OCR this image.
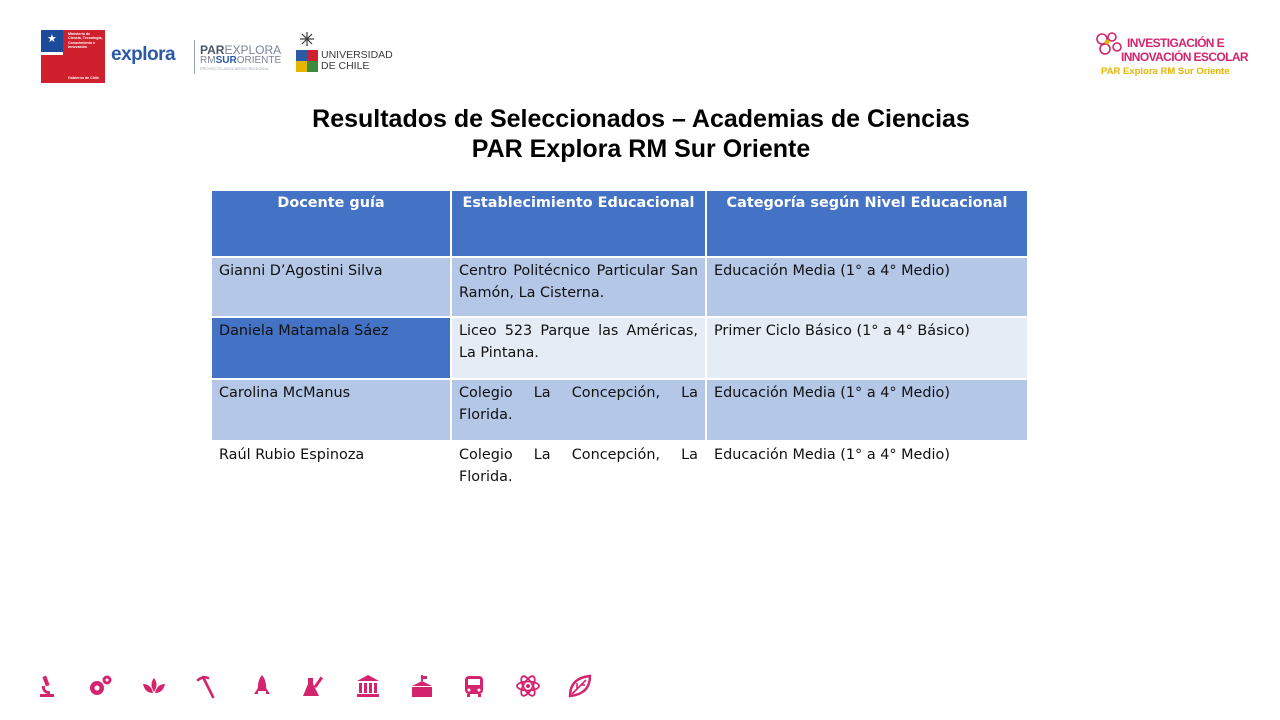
★	Ministerio de Ciencia, Tecnología, Conocimiento e Innovación
Gobierno de Chile
explora PAREXPLORA
RMSURORIENTE
PROYECTO ASOCIATIVO REGIONAL
UNIVERSIDAD
DE CHILE
INVESTIGACIÓN E
INNOVACIÓN ESCOLAR
PAR Explora RM Sur Oriente
Resultados de Seleccionados – Academias de Ciencias
PAR Explora RM Sur Oriente
Docente guía	Establecimiento Educacional	Categoría según Nivel Educacional
Gianni D’Agostini Silva	Centro Politécnico Particular San Ramón, La Cisterna.	Educación Media (1° a 4° Medio)
Daniela Matamala Sáez	Liceo 523 Parque las Américas, La Pintana.	Primer Ciclo Básico (1° a 4° Básico)
Carolina McManus	Colegio La Concepción, La Florida.	Educación Media (1° a 4° Medio)
Raúl Rubio Espinoza	Colegio La Concepción, La Florida.	Educación Media (1° a 4° Medio)
